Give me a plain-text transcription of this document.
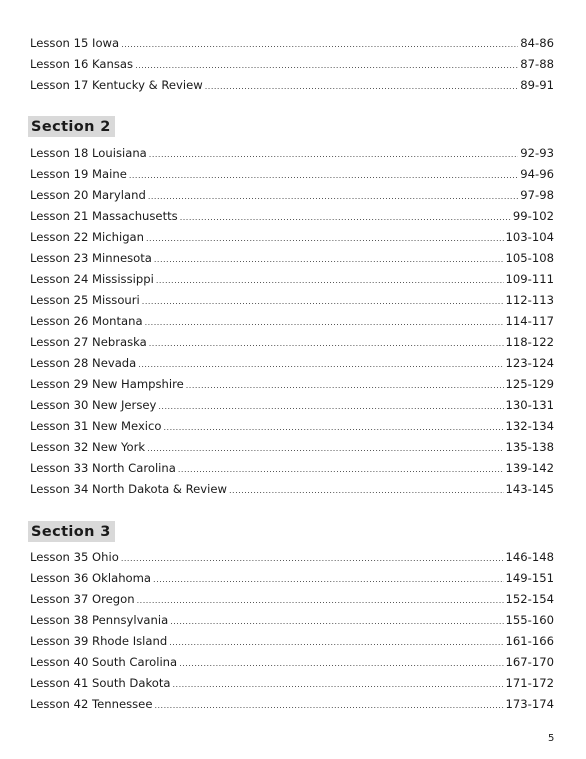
Lesson 15 Iowa .....	84-86
Lesson 16 Kansas .....	87-88
Lesson 17 Kentucky & Review .....	89-91
Section 2
Lesson 18 Louisiana .....	92-93
Lesson 19 Maine .....	94-96
Lesson 20 Maryland .....	97-98
Lesson 21 Massachusetts .....	99-102
Lesson 22 Michigan .....	103-104
Lesson 23 Minnesota .....	105-108
Lesson 24 Mississippi .....	109-111
Lesson 25 Missouri .....	112-113
Lesson 26 Montana .....	114-117
Lesson 27 Nebraska .....	118-122
Lesson 28 Nevada .....	123-124
Lesson 29 New Hampshire .....	125-129
Lesson 30 New Jersey .....	130-131
Lesson 31 New Mexico .....	132-134
Lesson 32 New York .....	135-138
Lesson 33 North Carolina .....	139-142
Lesson 34 North Dakota & Review .....	143-145
Section 3
Lesson 35 Ohio .....	146-148
Lesson 36 Oklahoma .....	149-151
Lesson 37 Oregon .....	152-154
Lesson 38 Pennsylvania .....	155-160
Lesson 39 Rhode Island .....	161-166
Lesson 40 South Carolina .....	167-170
Lesson 41 South Dakota .....	171-172
Lesson 42 Tennessee .....	173-174
5
